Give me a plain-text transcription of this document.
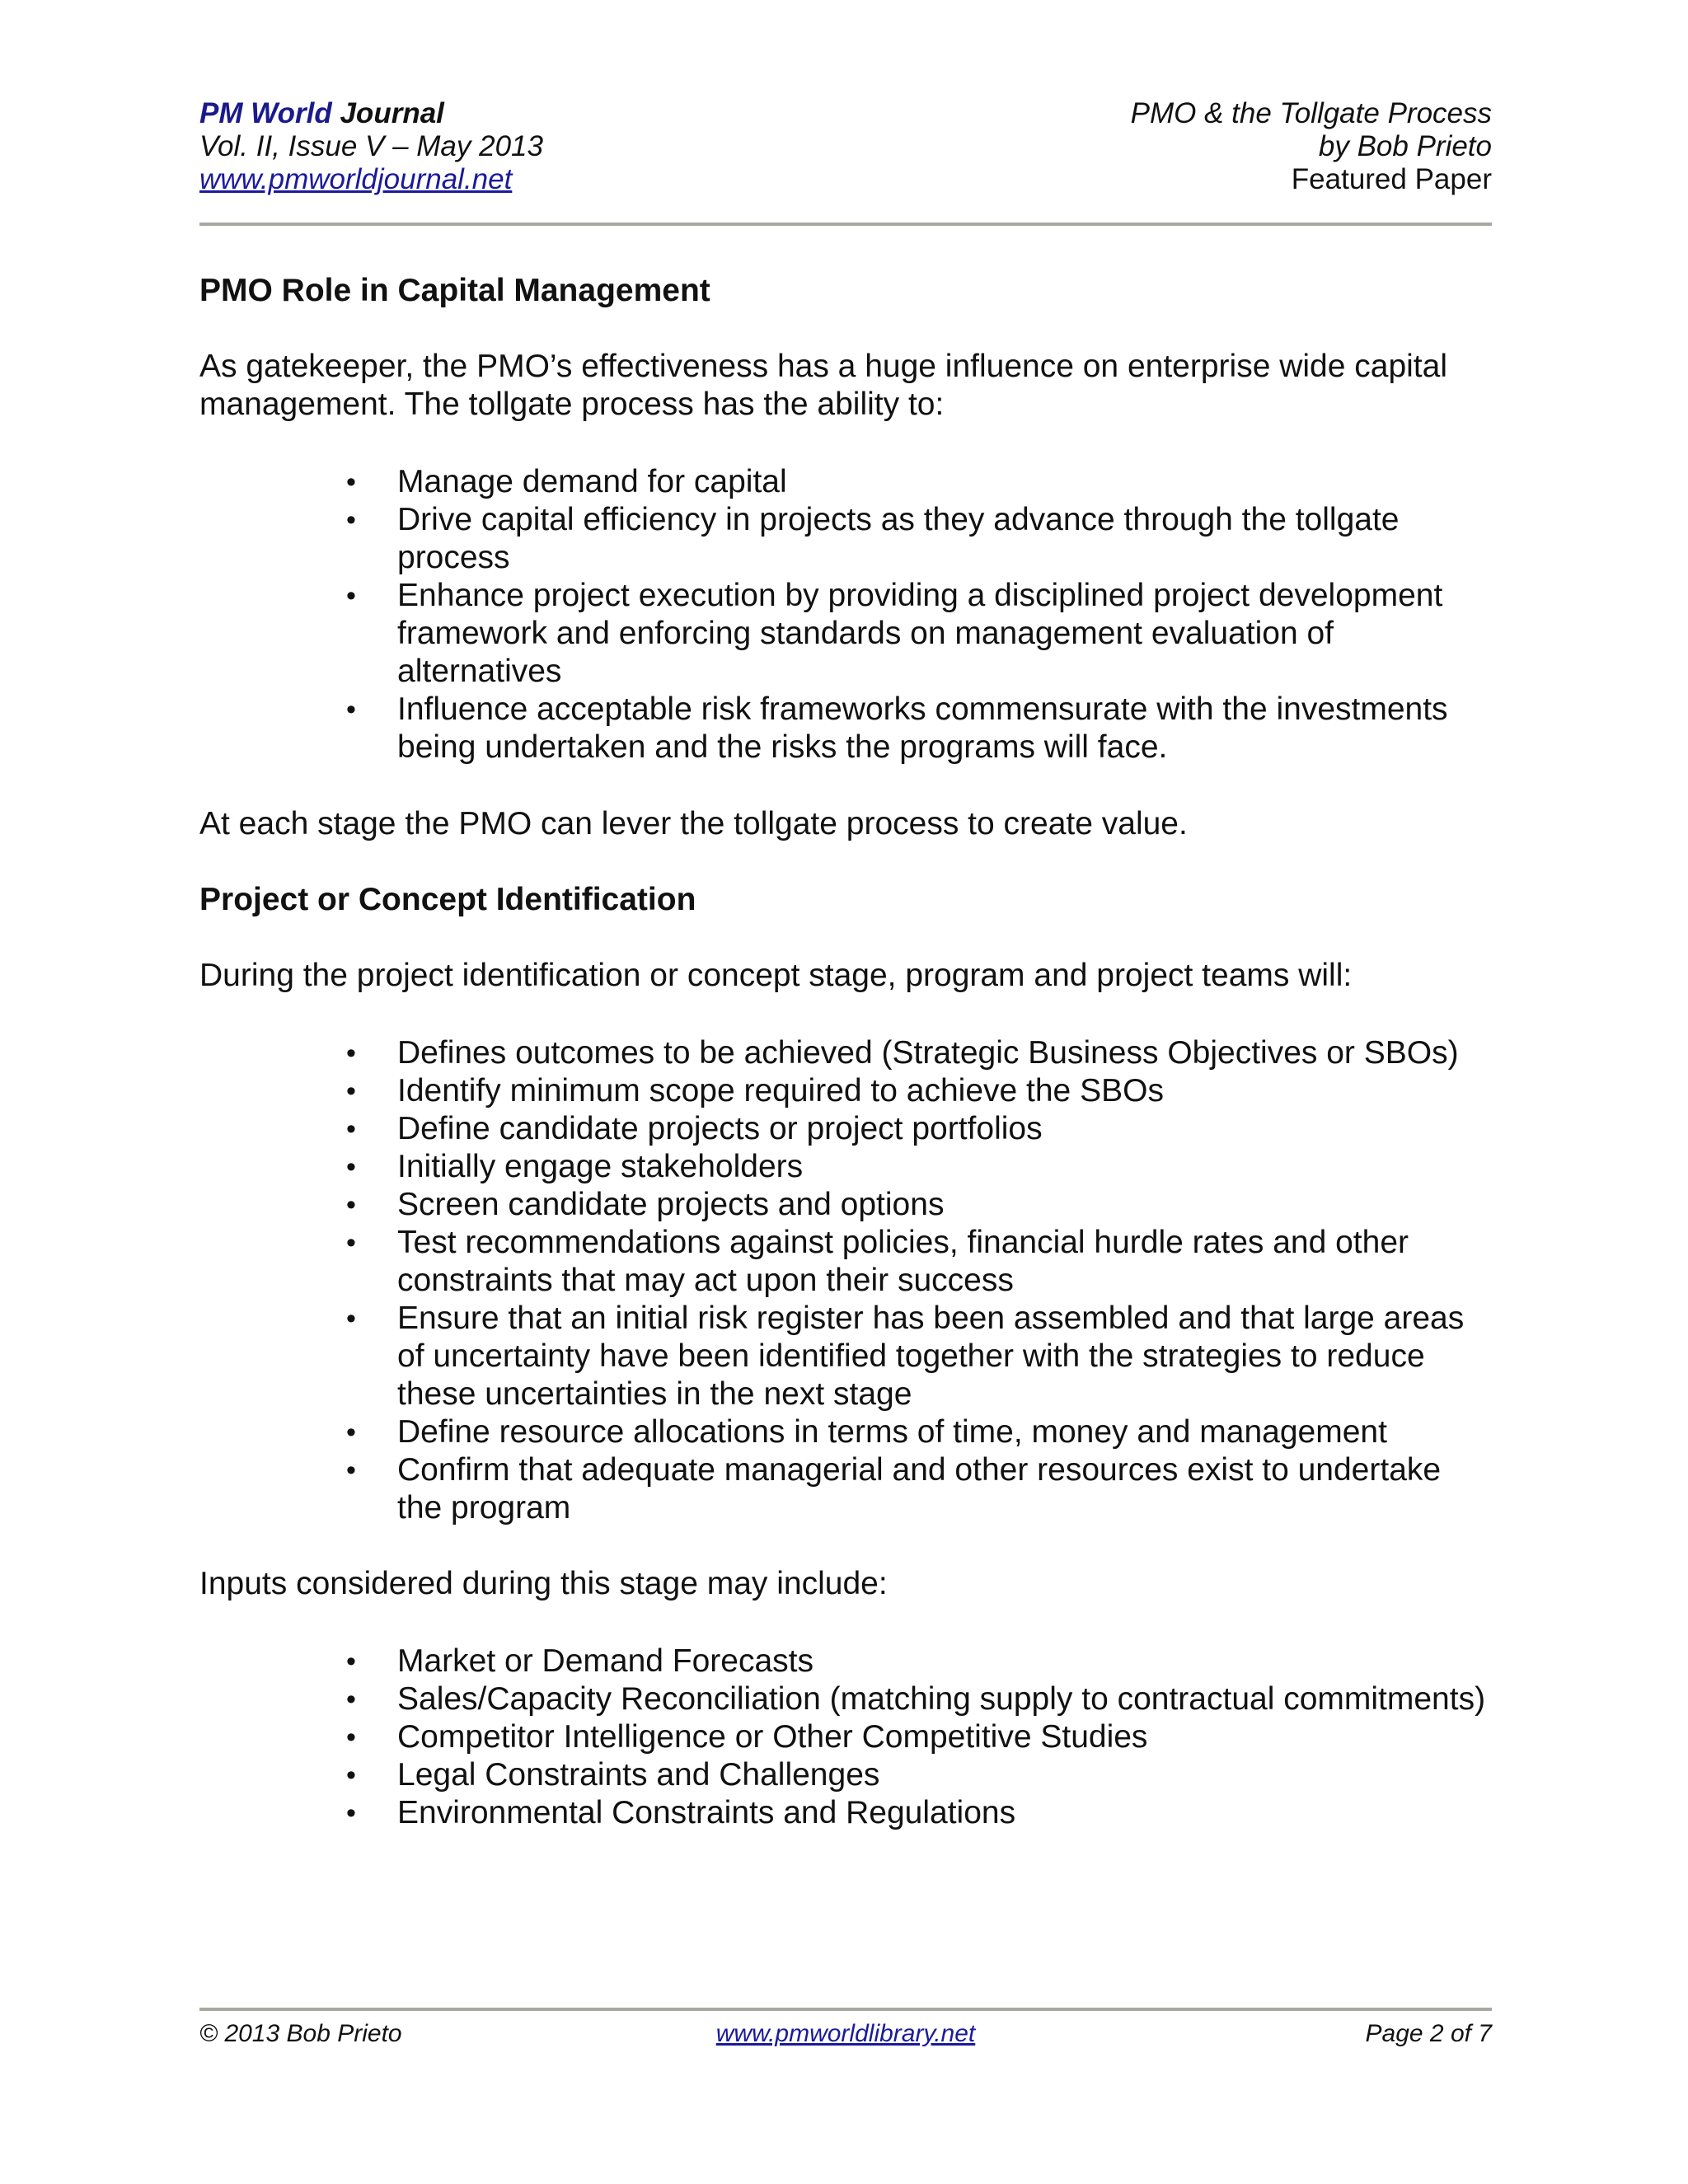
PM World Journal
Vol. II, Issue V – May 2013
www.pmworldjournal.net
PMO & the Tollgate Process
by Bob Prieto
Featured Paper
PMO Role in Capital Management

As gatekeeper, the PMO’s effectiveness has a huge influence on enterprise wide capital management. The tollgate process has the ability to:

• Manage demand for capital
• Drive capital efficiency in projects as they advance through the tollgate process
• Enhance project execution by providing a disciplined project development framework and enforcing standards on management evaluation of alternatives
• Influence acceptable risk frameworks commensurate with the investments being undertaken and the risks the programs will face.

At each stage the PMO can lever the tollgate process to create value.

Project or Concept Identification

During the project identification or concept stage, program and project teams will:

• Defines outcomes to be achieved (Strategic Business Objectives or SBOs)
• Identify minimum scope required to achieve the SBOs
• Define candidate projects or project portfolios
• Initially engage stakeholders
• Screen candidate projects and options
• Test recommendations against policies, financial hurdle rates and other constraints that may act upon their success
• Ensure that an initial risk register has been assembled and that large areas of uncertainty have been identified together with the strategies to reduce these uncertainties in the next stage
• Define resource allocations in terms of time, money and management
• Confirm that adequate managerial and other resources exist to undertake the program

Inputs considered during this stage may include:

• Market or Demand Forecasts
• Sales/Capacity Reconciliation (matching supply to contractual commitments)
• Competitor Intelligence or Other Competitive Studies
• Legal Constraints and Challenges
• Environmental Constraints and Regulations
© 2013 Bob Prieto	www.pmworldlibrary.net	Page 2 of 7
